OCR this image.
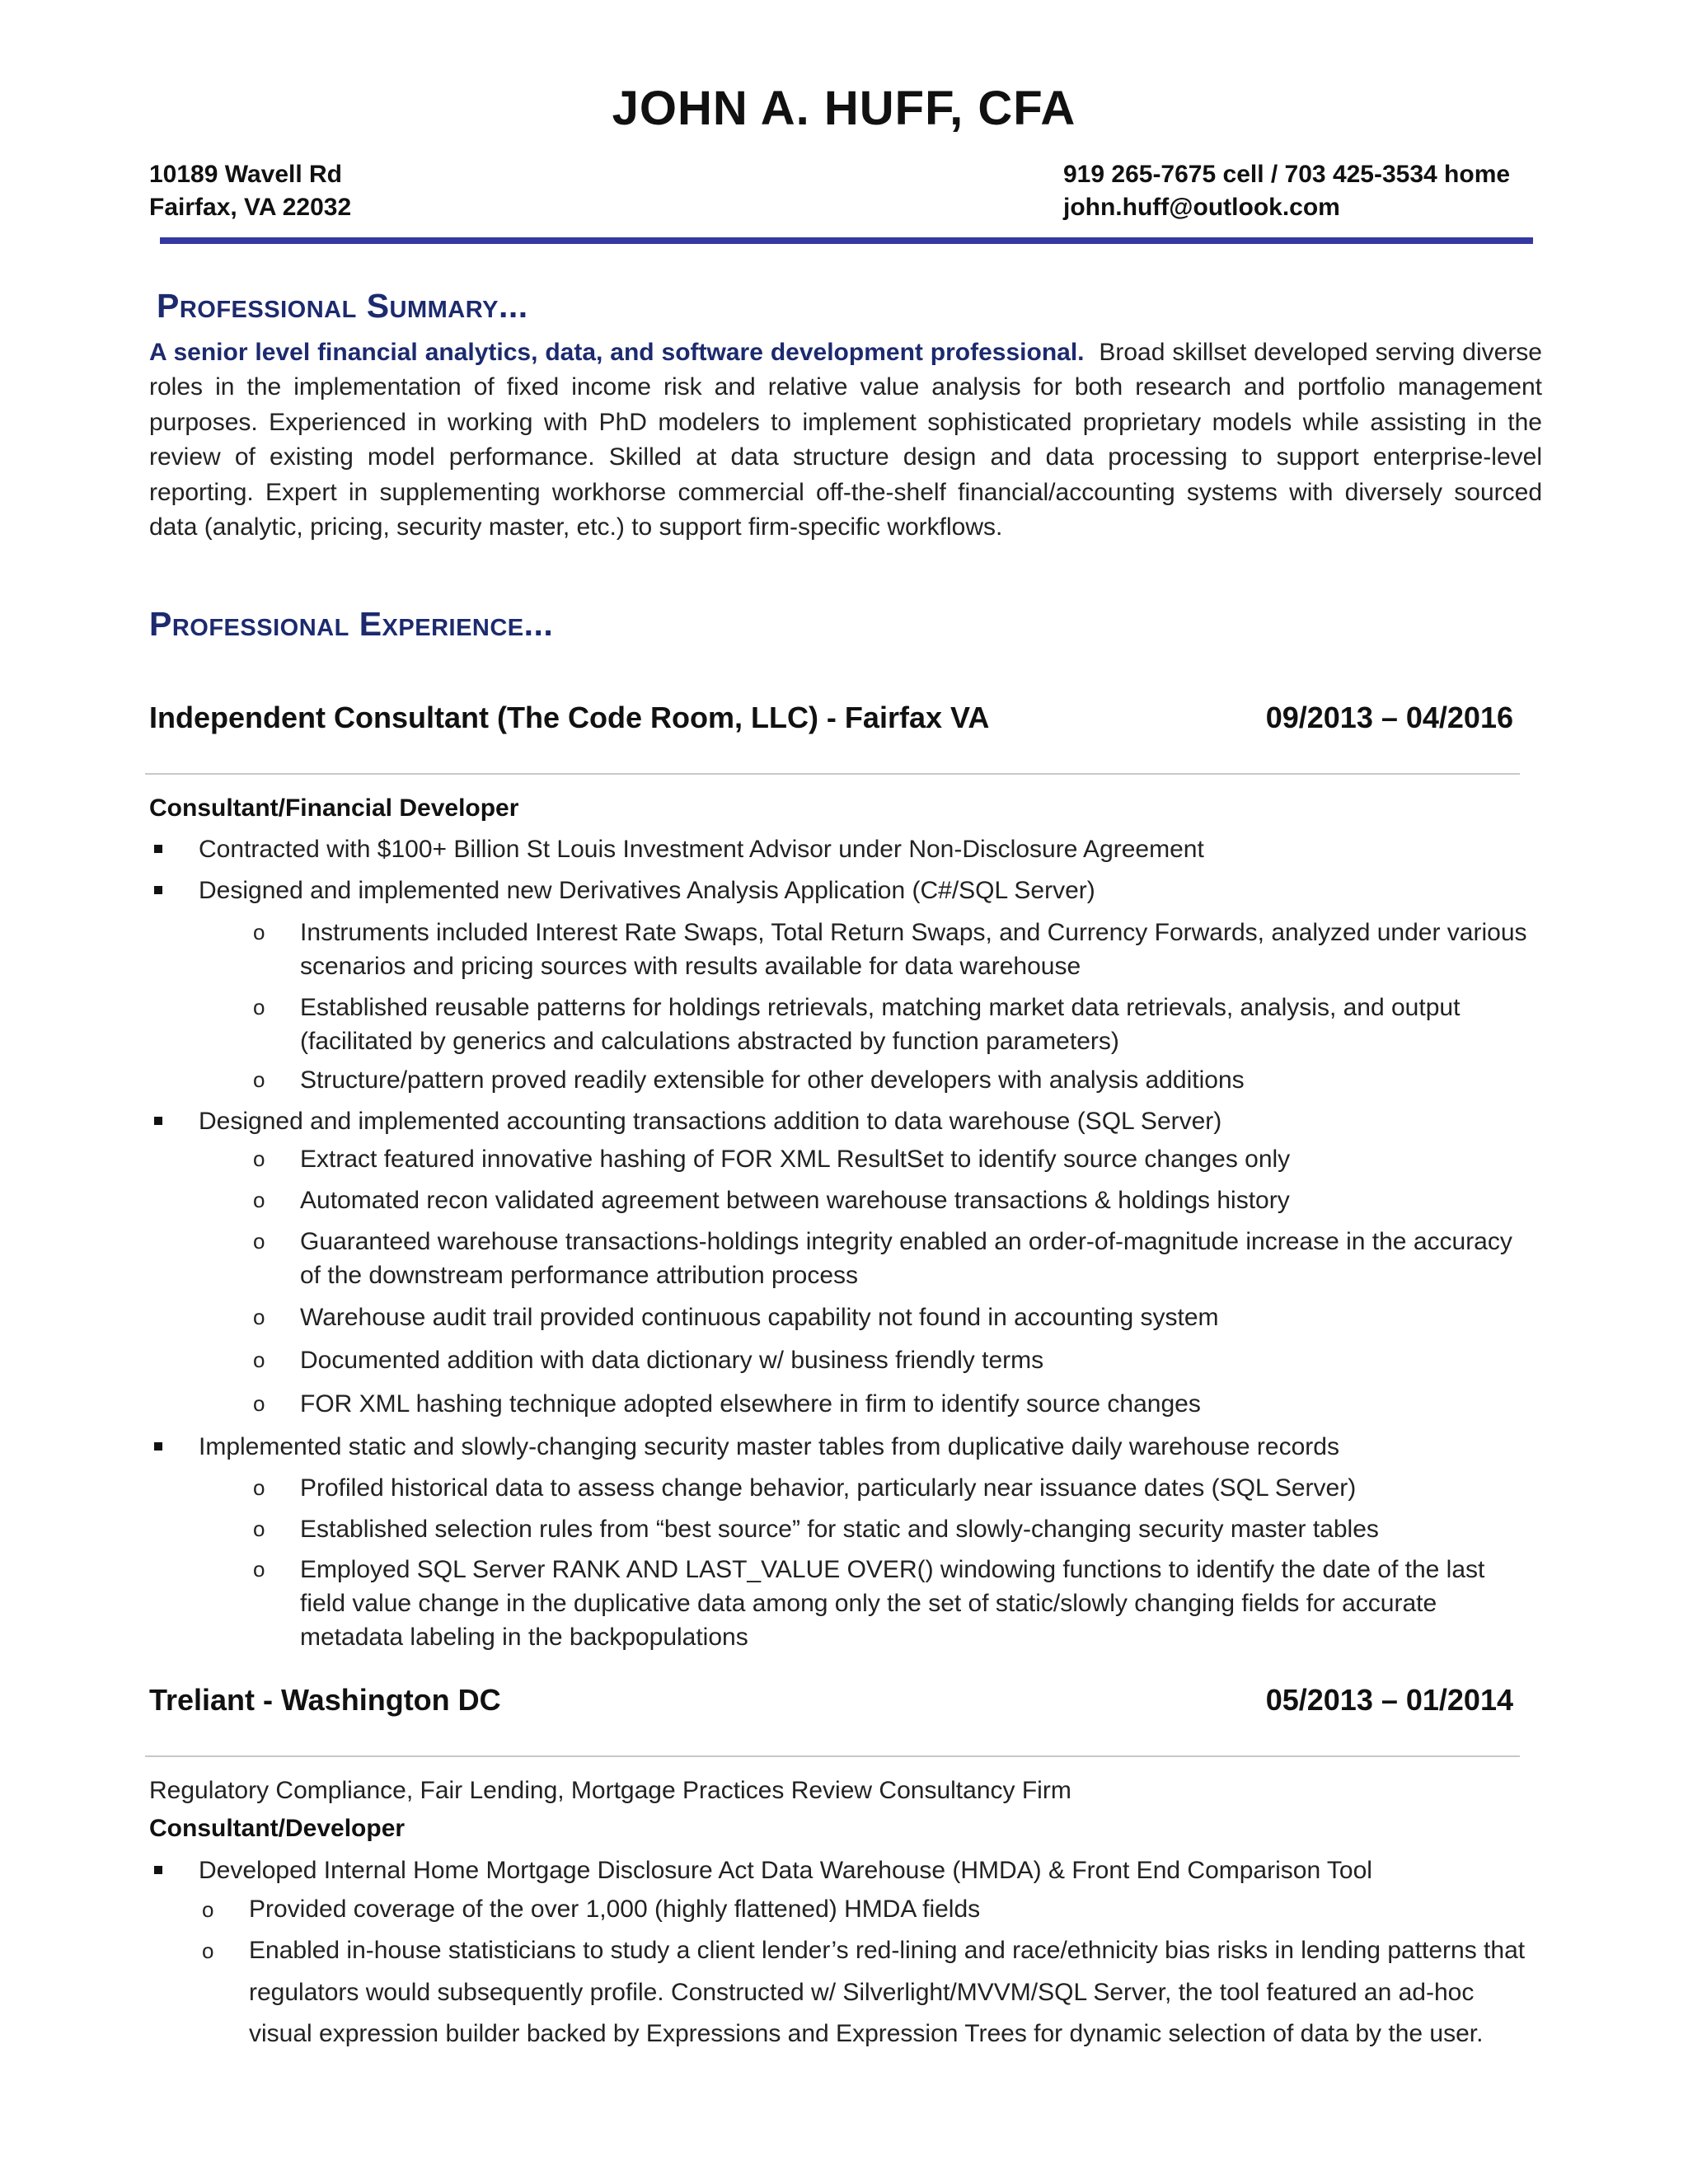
JOHN A. HUFF, CFA
10189 Wavell Rd
Fairfax, VA 22032
919 265-7675 cell / 703 425-3534 home
john.huff@outlook.com
Professional Summary...
A senior level financial analytics, data, and software development professional. Broad skillset developed serving diverse roles in the implementation of fixed income risk and relative value analysis for both research and portfolio management purposes. Experienced in working with PhD modelers to implement sophisticated proprietary models while assisting in the review of existing model performance. Skilled at data structure design and data processing to support enterprise-level reporting. Expert in supplementing workhorse commercial off-the-shelf financial/accounting systems with diversely sourced data (analytic, pricing, security master, etc.) to support firm-specific workflows.
Professional Experience...
Independent Consultant (The Code Room, LLC) - Fairfax VA	09/2013 – 04/2016
Consultant/Financial Developer
Contracted with $100+ Billion St Louis Investment Advisor under Non-Disclosure Agreement
Designed and implemented new Derivatives Analysis Application (C#/SQL Server)
o Instruments included Interest Rate Swaps, Total Return Swaps, and Currency Forwards, analyzed under various scenarios and pricing sources with results available for data warehouse
o Established reusable patterns for holdings retrievals, matching market data retrievals, analysis, and output (facilitated by generics and calculations abstracted by function parameters)
o Structure/pattern proved readily extensible for other developers with analysis additions
Designed and implemented accounting transactions addition to data warehouse (SQL Server)
o Extract featured innovative hashing of FOR XML ResultSet to identify source changes only
o Automated recon validated agreement between warehouse transactions & holdings history
o Guaranteed warehouse transactions-holdings integrity enabled an order-of-magnitude increase in the accuracy of the downstream performance attribution process
o Warehouse audit trail provided continuous capability not found in accounting system
o Documented addition with data dictionary w/ business friendly terms
o FOR XML hashing technique adopted elsewhere in firm to identify source changes
Implemented static and slowly-changing security master tables from duplicative daily warehouse records
o Profiled historical data to assess change behavior, particularly near issuance dates (SQL Server)
o Established selection rules from “best source” for static and slowly-changing security master tables
o Employed SQL Server RANK AND LAST_VALUE OVER() windowing functions to identify the date of the last field value change in the duplicative data among only the set of static/slowly changing fields for accurate metadata labeling in the backpopulations
Treliant - Washington DC	05/2013 – 01/2014
Regulatory Compliance, Fair Lending, Mortgage Practices Review Consultancy Firm
Consultant/Developer
Developed Internal Home Mortgage Disclosure Act Data Warehouse (HMDA) & Front End Comparison Tool
o Provided coverage of the over 1,000 (highly flattened) HMDA fields
o Enabled in-house statisticians to study a client lender’s red-lining and race/ethnicity bias risks in lending patterns that regulators would subsequently profile. Constructed w/ Silverlight/MVVM/SQL Server, the tool featured an ad-hoc visual expression builder backed by Expressions and Expression Trees for dynamic selection of data by the user.
